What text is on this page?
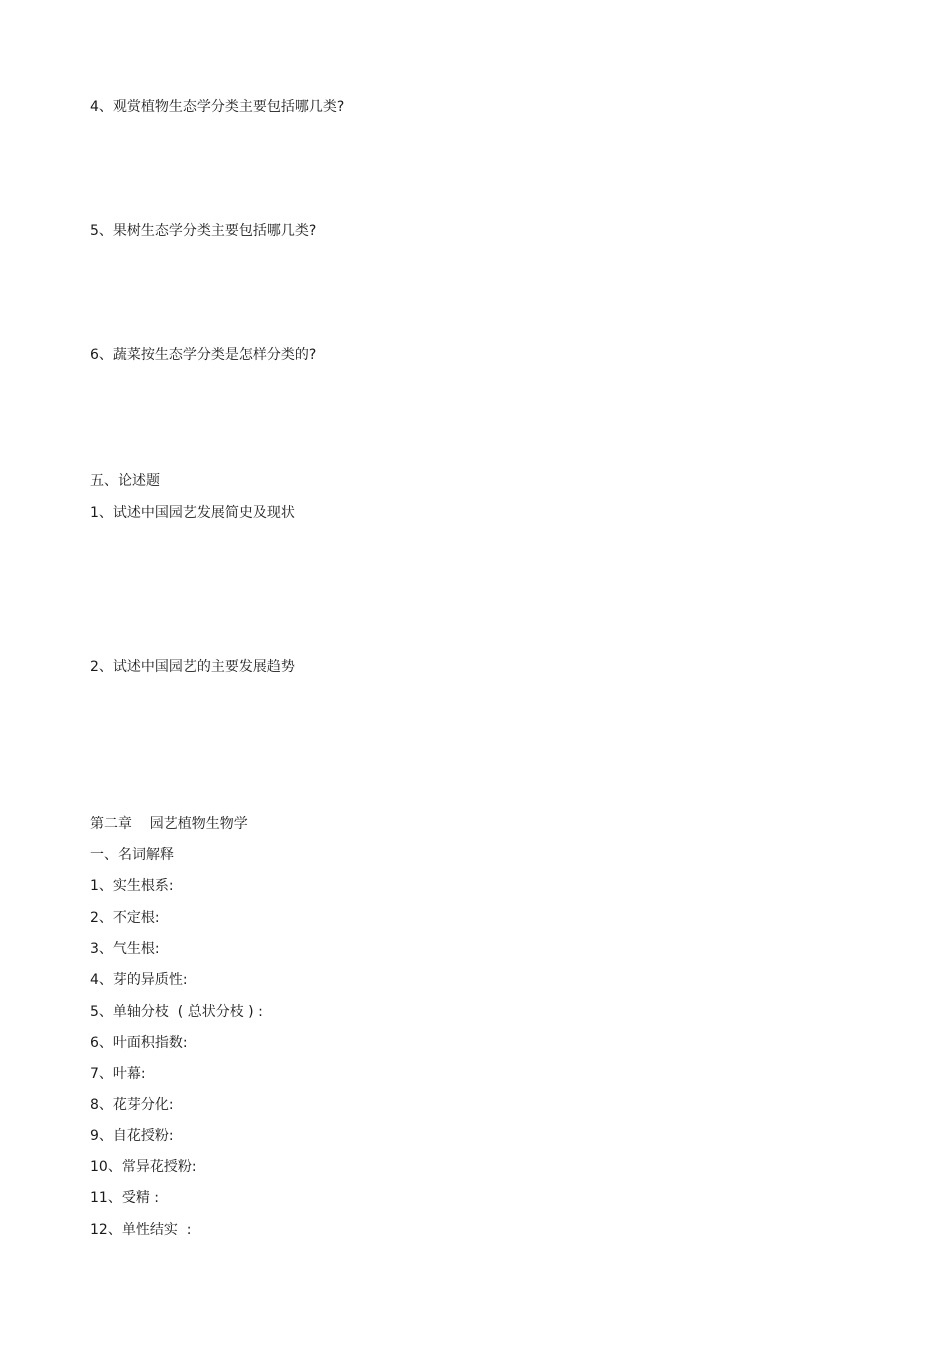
4、观赏植物生态学分类主要包括哪几类?
5、果树生态学分类主要包括哪几类?
6、蔬菜按生态学分类是怎样分类的?
五、论述题
1、试述中国园艺发展简史及现状
2、试述中国园艺的主要发展趋势
第二章    园艺植物生物学
一、名词解释
1、实生根系:
2、不定根:
3、气生根:
4、芽的异质性:
5、单轴分枝  ( 总状分枝 ) :
6、叶面积指数:
7、叶幕:
8、花芽分化:
9、自花授粉:
10、常异花授粉:
11、受精 :
12、单性结实  :
